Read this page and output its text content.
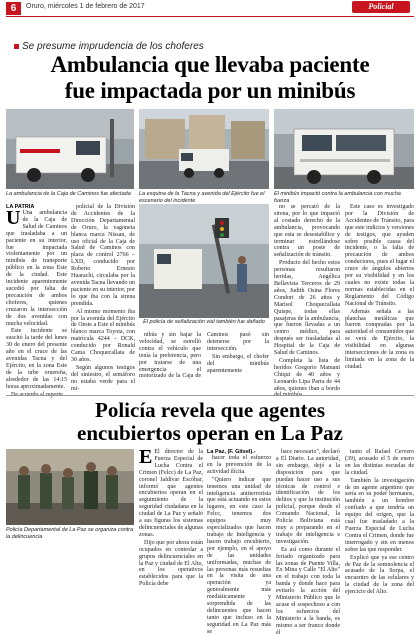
6	Oruro, miércoles 1 de febrero de 2017	Policial
Se presume imprudencia de los choferes
Ambulancia que llevaba paciente
fue impactada por un minibús
La ambulancia de la Caja de Caminos fue afectada	La esquina de la Tacna y avenida del Ejército fue el escenario del incidente
El minibús impactó contra la ambulancia con mucha fuerza
El policía de señalización vial también fue dañado
LA PATRIA

U Una ambulancia de la Caja de Salud de Caminos que trasladaba a un paciente en su interior, fue impactada violentamente por un minibús de transporte público en la zona Este de la ciudad. Este incidente aparentemente sucedió por falta de precaución de ambos choferes, quienes cruzaron la intersección de dos avenidas con mucha velocidad.

Este incidente se suscitó la tarde del lunes 30 de enero del presente año en el cruce de las avenidas Tacna y del Ejército, en la zona Este de la urbe oruereña, alrededor de las 14:15 horas aproximadamente.

De acuerdo al reporte

policial de la División de Accidentes de la Dirección Departamental de Oruro, la vagoneta blanca marca Nissan, de uso oficial de la Caja de Salud de Caminos con placa de control 2766 – LXD, conducido por Roberto Ernesto Huarachi, circulaba por la avenida Tacna llevando un paciente en su interior, por lo que iba con la sirena prendida.

Al mismo momento iba por la avenida del Ejército de Oeste a Este el minibús blanco marca Toyota, con matrícula 4244 – DCK, conducido por Ronald Cama Choquecallata de 30 años.

Según algunos testigos del siniestro, el semáforo no estaba verde para el mi-

nibús y sin bajar la velocidad, se estrelló contra el vehículo que tenía la preferencia, pero por tratarse de una emergencia el motorizado de la Caja de Caminos pasó sin detenerse por la intersección.

Sin embargo, el chofer del minibús aparentemente

no se percató de la sirena, por lo que impactó al costado derecho de la ambulancia, provocando que esta se desestabilice y terminar estrellándose contra un poste de señalización de tránsito.

Producto del hecho estos personas resultaron heridas, Angélica Bellavista Terceros de 29 años, Judith Osina Flores Condori de 26 años y Marisol Choquecallata Quispe, todas ellas pasajeras de la ambulancia, que fueron llevadas a un centro médico, para después ser trasladadas al Hospital de la Caja de Salud de Caminos.

Completa la lista de heridos Gregorio Mamani Chiqui de 40 años y Leonardo Lipa Parra de 44 años, quienes iban a bordo del minibús.

Este caso es investigado por la División de Accidentes de Tránsito, para que este indicios y versiones de testigos, que ayuden sobre posible causa del incidente, o la falta de precaución de ambos conductores, pues el lugar el cruce de ángulos abiertos por su visibilidad y en los cuales no existe todas la normas establecidas en el Reglamento del Código Nacional de Tránsito.

Además señala a las planchas metálicas que fueron compradas por la autoridad el consumidor que se verá de Ejército, la visibilidad en algunas intersecciones de la zona es limitada en la zona de la ciudad.

Policía revela que agentes
encubiertos operan en La Paz
Policía Departamental de La Paz se organiza contra la delincuencia

E El director de la Fuerza Especial de Lucha Contra el Crimen (Felcc) de La Paz, coronel Jaldívar Escóbar, informó que agentes encubiertos operan en el seguimiento de la seguridad ciudadana en la ciudad de La Paz y señaló a sus figuras los sistemas delincuenciales de algunas zonas.

Dijo que por ahora están ocupados en controlar a grupos delincuenciales en la Paz y ciudad de El Alto, en los operativos establecidos para que la Policía debe

La Paz, (F. Gitsel).-

hacer toda el esfuerzo en la prevención de la actividad ilícita.

"Quiero indicar que tenemos una unidad de inteligencia antiterrorista que está actuando en estos lugares, en este caso la Felcc, tenemos dos equipos muy especializados que hacen trabajo de Inteligencia y hacen trabajo encubierto, por ejemplo, en el apoyo de las unidades uniformadas, muchas de las personas más resueltas en la visita de una operación ya generalmente más mediáticamente y sorprendida de las delincuentes que hacen tanto que incluso en la seguridad en La Paz más se

hace necesario", declaró a El Diario. La autoridad, sin embargo, dejó a la disposición para que puedan hacer uso a sus técnicas de control e identificación de los delitos y que la institución policial, porque desde el Comando Nacional, la Policía Boliviana está muy a preparando en el trabajo de inteligencia e investigación.

Es así como durante el feriado organizado para las zonas de Puente Villa, Ex Mina y Calle "El Alto" en el trabajo con toda la banda y donde hace para evitarlo la acción del Ministerio Público que le acuse el sospechoso a con los esfuerzos del Ministerio a la banda, es mismo a ser franco donde él

tanto el Rafael Cervero (39), acusado el 5 de enero en las distintas escuelas de la ciudad.

También la investigación de un agente argentino que sería en su poder hermanos, también a un hombre confiado a que tendría un equipo del origen, que la cual fue trasladado a la Fuerza Especial de Lucha Contra el Crimen, donde fue interrogado y sin en menos sobre las que responder.

Explicó que ya ese centro de Paz de la somnolencia el acusado de la Sorpa, el encuentro de las celulares y la ciudad de la zona del ejercicio del Alto.
